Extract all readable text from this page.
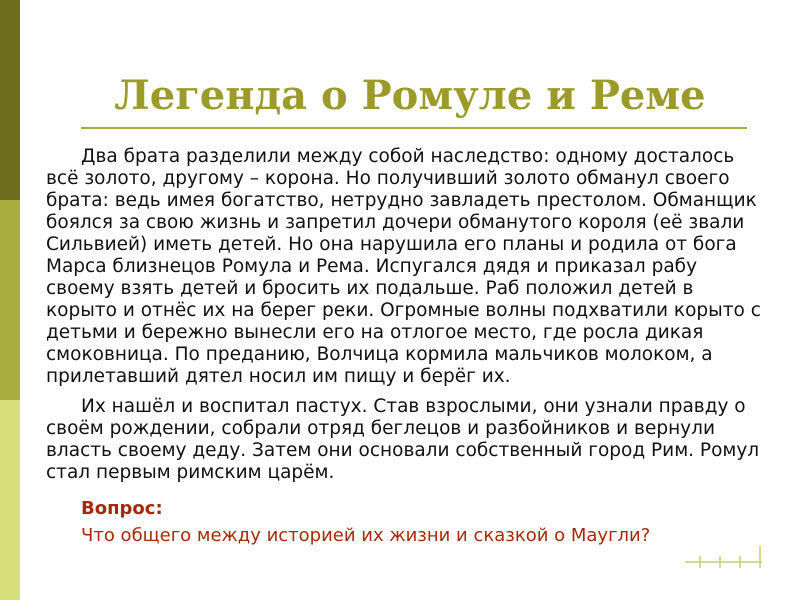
Легенда о Ромуле и Реме

Два брата разделили между собой наследство: одному досталось всё золото, другому – корона. Но получивший золото обманул своего брата: ведь имея богатство, нетрудно завладеть престолом. Обманщик боялся за свою жизнь и запретил дочери обманутого короля (её звали Сильвией) иметь детей. Но она нарушила его планы и родила от бога Марса близнецов Ромула и Рема. Испугался дядя и приказал рабу своему взять детей и бросить их подальше. Раб положил детей в корыто и отнёс их на берег реки. Огромные волны подхватили корыто с детьми и бережно вынесли его на отлогое место, где росла дикая смоковница. По преданию, Волчица кормила мальчиков молоком, а прилетавший дятел носил им пищу и берёг их.

Их нашёл и воспитал пастух. Став взрослыми, они узнали правду о своём рождении, собрали отряд беглецов и разбойников и вернули власть своему деду. Затем они основали собственный город Рим. Ромул стал первым римским царём.

Вопрос:

Что общего между историей их жизни и сказкой о Маугли?
